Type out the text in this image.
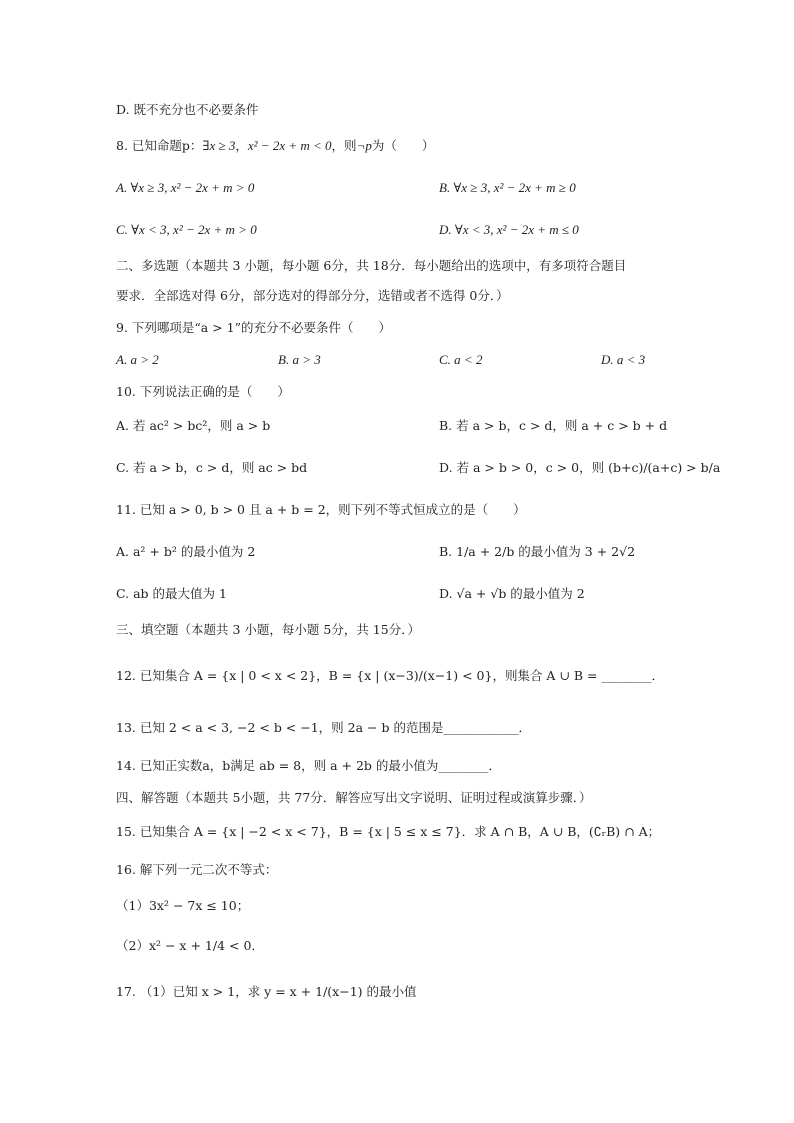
D. 既不充分也不必要条件
8. 已知命题p：∃x ≥ 3，x² − 2x + m < 0，则¬p为（　　）
A. ∀x ≥ 3, x² − 2x + m > 0	B. ∀x ≥ 3, x² − 2x + m ≥ 0
C. ∀x < 3, x² − 2x + m > 0	D. ∀x < 3, x² − 2x + m ≤ 0
二、多选题（本题共 3 小题，每小题 6分，共 18分．每小题给出的选项中，有多项符合题目
要求．全部选对得 6分，部分选对的得部分分，选错或者不选得 0分．）
9. 下列哪项是“a > 1”的充分不必要条件（　　）
A. a > 2	B. a > 3	C. a < 2	D. a < 3
10. 下列说法正确的是（　　）
A. 若 ac² > bc²，则 a > b	B. 若 a > b，c > d，则 a + c > b + d
C. 若 a > b，c > d，则 ac > bd	D. 若 a > b > 0，c > 0，则 (b+c)/(a+c) > b/a
11. 已知 a > 0, b > 0 且 a + b = 2，则下列不等式恒成立的是（　　）
A. a² + b² 的最小值为 2	B. 1/a + 2/b 的最小值为 3 + 2√2
C. ab 的最大值为 1	D. √a + √b 的最小值为 2
三、填空题（本题共 3 小题，每小题 5分，共 15分．）
12. 已知集合 A = {x | 0 < x < 2}，B = {x | (x−3)/(x−1) < 0}，则集合 A ∪ B = ________．
13. 已知 2 < a < 3, −2 < b < −1，则 2a − b 的范围是____________．
14. 已知正实数a，b满足 ab = 8，则 a + 2b 的最小值为________．
四、解答题（本题共 5小题，共 77分．解答应写出文字说明、证明过程或演算步骤．）
15. 已知集合 A = {x | −2 < x < 7}，B = {x | 5 ≤ x ≤ 7}．求 A ∩ B，A ∪ B，(∁ᵣB) ∩ A；
16. 解下列一元二次不等式：
（1）3x² − 7x ≤ 10；
（2）x² − x + 1/4 < 0．
17. （1）已知 x > 1，求 y = x + 1/(x−1) 的最小值
